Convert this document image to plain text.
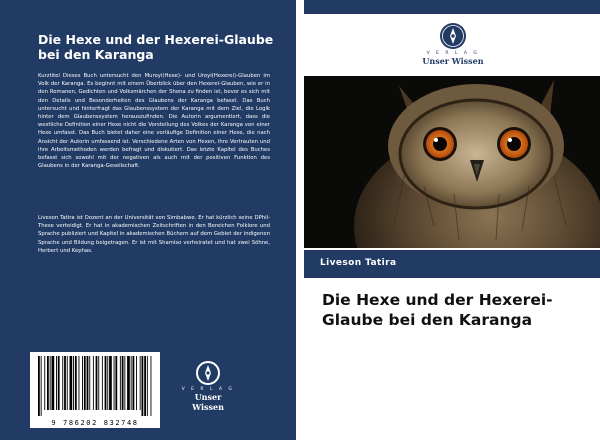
Die Hexe und der Hexerei-Glaube bei den Karanga

Kurztitel Dieses Buch untersucht den Muroyi(Hexe)- und Uroyi(Hexerei)-Glauben im Volk der Karanga. Es beginnt mit einem Überblick über den Hexerei-Glauben, wie er in den Romanen, Gedichten und Volksmärchen der Shona zu finden ist, bevor es sich mit den Details und Besonderheiten des Glaubens der Karanga befasst. Das Buch untersucht und hinterfragt das Glaubenssystem der Karanga mit dem Ziel, die Logik hinter dem Glaubenssystem herauszufinden. Die Autorin argumentiert, dass die westliche Definition einer Hexe nicht die Vorstellung des Volkes der Karanga von einer Hexe umfasst. Das Buch bietet daher eine vorläufige Definition einer Hexe, die nach Ansicht der Autorin umfassend ist. Verschiedene Arten von Hexen, ihre Vertrauten und ihre Arbeitsmethoden werden befragt und diskutiert. Das letzte Kapitel des Buches befasst sich sowohl mit der negativen als auch mit der positiven Funktion des Glaubens in der Karanga-Gesellschaft.

Liveson Tatira ist Dozent an der Universität von Simbabwe. Er hat kürzlich seine DPhil-These verteidigt. Er hat in akademischen Zeitschriften in den Bereichen Folklore und Sprache publiziert und Kapitel in akademischen Büchern auf dem Gebiet der indigenen Sprache und Bildung beigetragen. Er ist mit Shamiso verheiratet und hat zwei Söhne, Herbert und Kephas.

9 786202 832748
V E R L A G
Unser Wissen
V E R L A G
Unser Wissen
Liveson Tatira
Die Hexe und der Hexerei-Glaube bei den Karanga
